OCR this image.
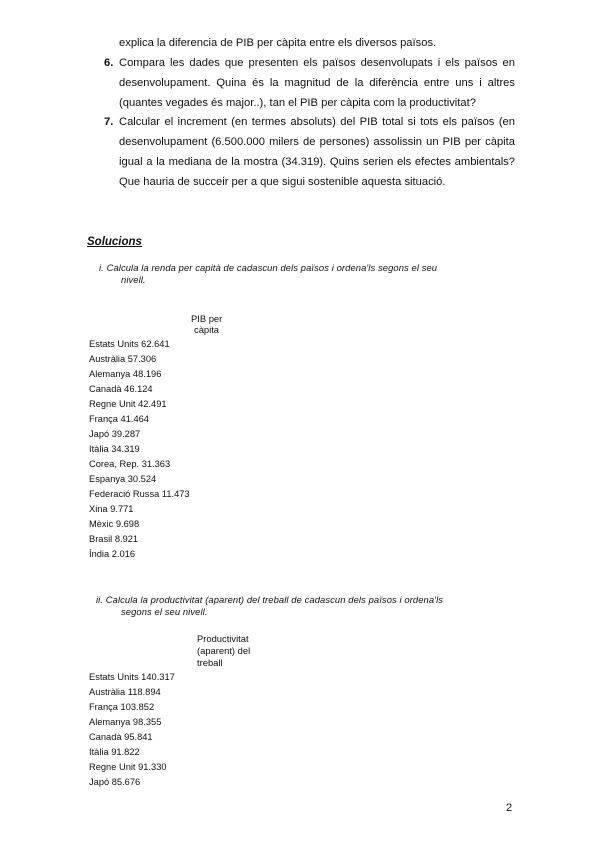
explica la diferencia de PIB per càpita entre els diversos països.
6. Compara les dades que presenten els països desenvolupats i els països en
desenvolupament. Quina és la magnitud de la diferència entre uns i altres
(quantes vegades és major..), tan el PIB per càpita com la productivitat?
7. Calcular el increment (en termes absoluts) del PIB total si tots els països (en
desenvolupament (6.500.000 milers de persones) assolissin un PIB per càpita
igual a la mediana de la mostra (34.319). Quins serien els efectes ambientals?
Que hauria de succeir per a que sigui sostenible aquesta situació.
Solucions
i. Calcula la renda per capità de cadascun dels països i ordena'ls segons el seu
nivell.
PIB per
càpita
Estats Units 62.641
Austràlia 57.306
Alemanya 48.196
Canadà 46.124
Regne Unit 42.491
França 41.464
Japó 39.287
Itàlia 34.319
Corea, Rep. 31.363
Espanya 30.524
Federació Russa 11.473
Xina 9.771
Mèxic 9.698
Brasil 8.921
Índia 2.016
ii. Calcula la productivitat (aparent) del treball de cadascun dels països i ordena'ls
segons el seu nivell.
Productivitat
(aparent) del
treball
Estats Units 140.317
Austràlia 118.894
França 103.852
Alemanya 98.355
Canadà 95.841
Itàlia 91.822
Regne Unit 91.330
Japó 85.676
2
